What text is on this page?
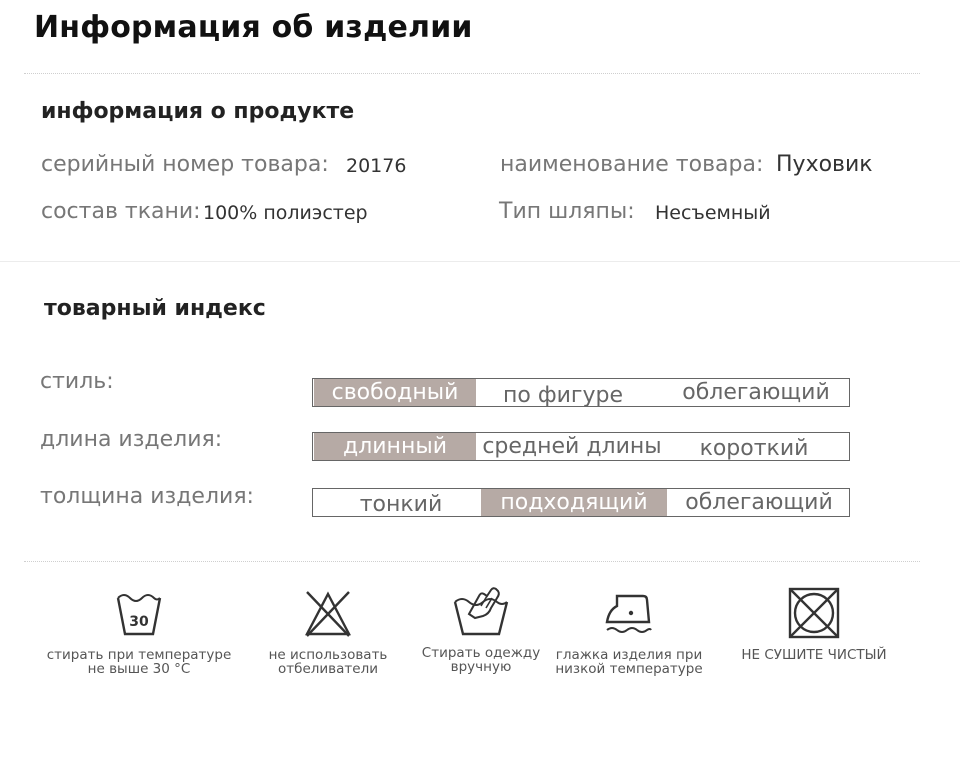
Информация об изделии
информация о продукте
серийный номер товара: 20176	наименование товара: Пуховик
состав ткани: 100% полиэстер	Тип шляпы: Несъемный
товарный индекс
стиль:	свободный	по фигуре	облегающий
длина изделия:	длинный	средней длины	короткий
толщина изделия:	тонкий	подходящий	облегающий
30
стирать при температуре
не выше 30 °C
не использовать
отбеливатели
Стирать одежду
вручную
глажка изделия при
низкой температуре
НЕ СУШИТЕ ЧИСТЫЙ
